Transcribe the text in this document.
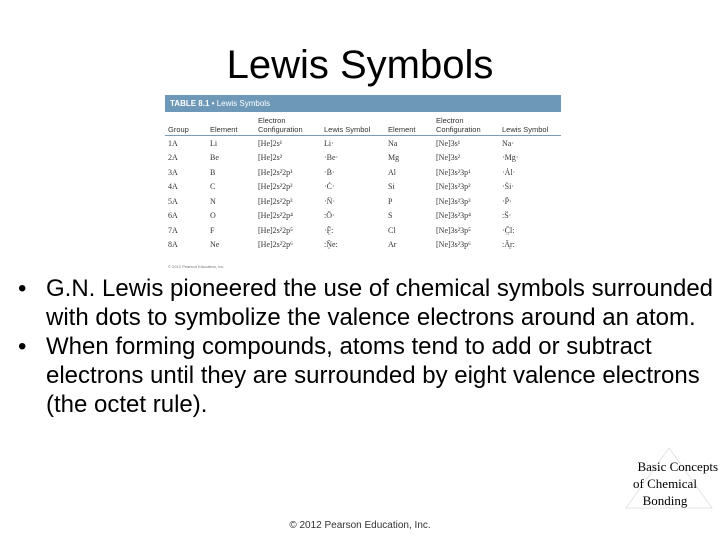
Lewis Symbols
TABLE 8.1 • Lewis Symbols
Group	Element	Electron Configuration	Lewis Symbol	Element	Electron Configuration	Lewis Symbol
1A	Li	[He]2s¹	Li·	Na	[Ne]3s¹	Na·
2A	Be	[He]2s²	·Be·	Mg	[Ne]3s²	·Mg·
3A	B	[He]2s²2p¹	·Ḃ·	Al	[Ne]3s²3p¹	·Ȧl·
4A	C	[He]2s²2p²	·Ċ·	Si	[Ne]3s²3p²	·Ṡi·
5A	N	[He]2s²2p³	·N̈·	P	[Ne]3s²3p³	·P̈·
6A	O	[He]2s²2p⁴	:Ö·	S	[Ne]3s²3p⁴	:S̈·
7A	F	[He]2s²2p⁵	·F̤̈:	Cl	[Ne]3s²3p⁵	·C̤̈l:
8A	Ne	[He]2s²2p⁶	:N̤̈e:	Ar	[Ne]3s²3p⁶	:Ä̤r:
© 2012 Pearson Education, Inc.
• G.N. Lewis pioneered the use of chemical symbols surrounded with dots to symbolize the valence electrons around an atom.
• When forming compounds, atoms tend to add or subtract electrons until they are surrounded by eight valence electrons (the octet rule).
Basic Concepts
of Chemical
Bonding
© 2012 Pearson Education, Inc.
